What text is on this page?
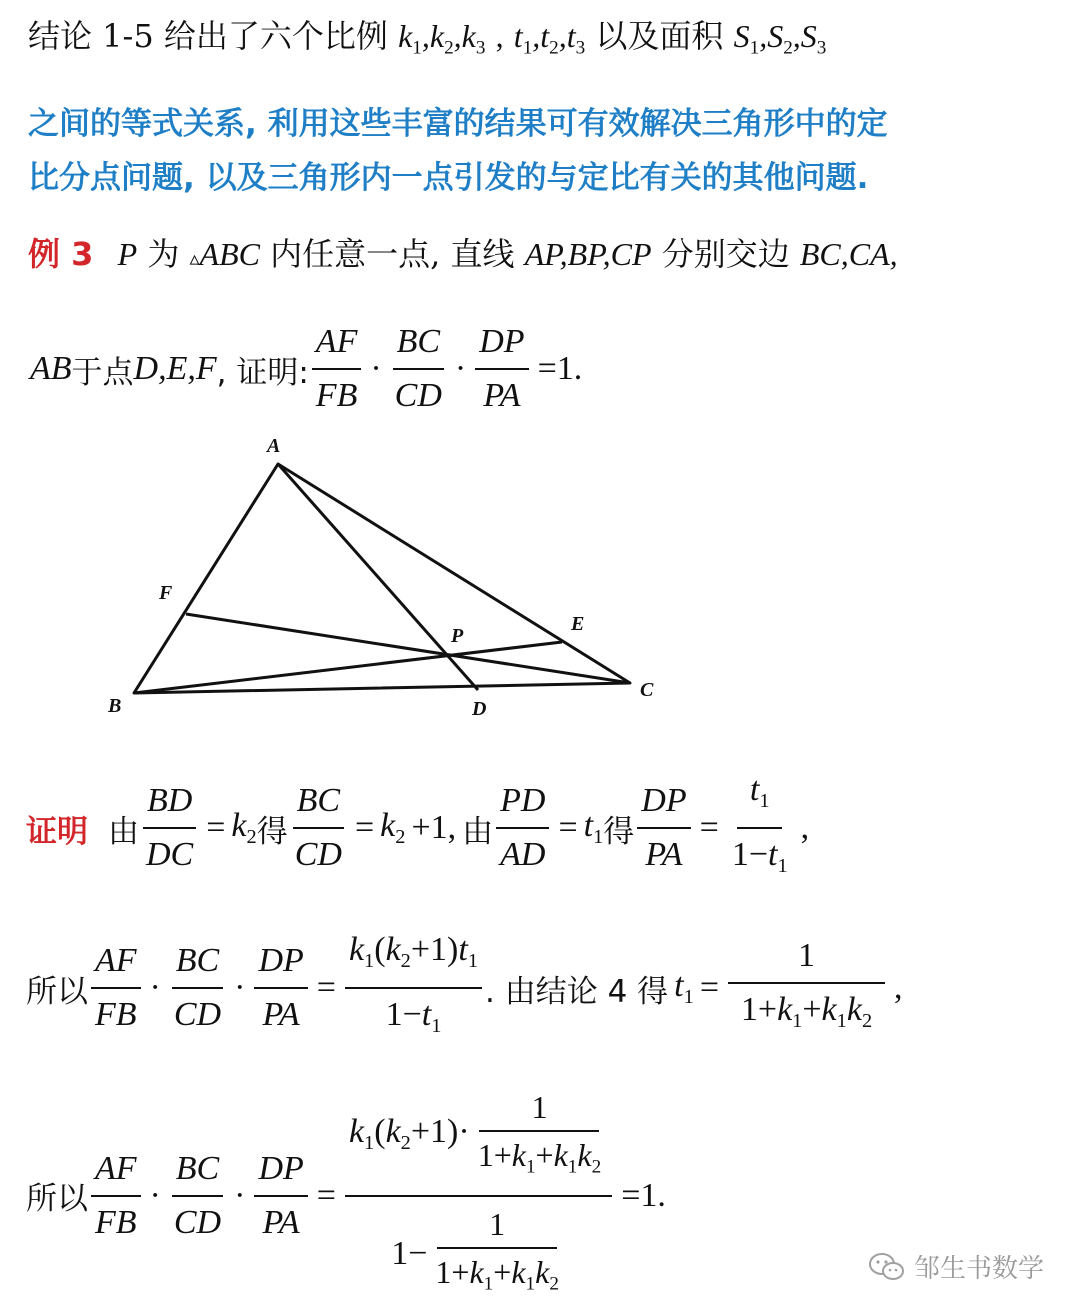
结论 1-5 给出了六个比例 $k_1,k_2,k_3$ , $t_1,t_2,t_3$ 以及面积 $S_1,S_2,S_3$
之间的等式关系, 利用这些丰富的结果可有效解决三角形中的定
比分点问题, 以及三角形内一点引发的与定比有关的其他问题.
例 3 P 为 ▵ABC 内任意一点, 直线 AP,BP,CP 分别交边 BC,CA,
AB 于点 D,E,F , 证明: $\frac{AF}{FB} \cdot \frac{BC}{CD} \cdot \frac{DP}{PA} =1$.
A
B
C
D
E
F
P
证明 由 $\frac{BD}{DC} = k_2$ 得 $\frac{BC}{CD} = k_2 +1$, 由 $\frac{PD}{AD} = t_1$ 得 $\frac{DP}{PA} = \frac{t_1}{1-t_1}$ ,
所以 $\frac{AF}{FB} \cdot \frac{BC}{CD} \cdot \frac{DP}{PA} = \frac{k_1(k_2+1)t_1}{1-t_1}$ . 由结论 4 得 $t_1 = \frac{1}{1+k_1+k_1k_2}$ ,
所以 $\frac{AF}{FB} \cdot \frac{BC}{CD} \cdot \frac{DP}{PA} = \frac{k_1(k_2+1)\cdot \frac{1}{1+k_1+k_1k_2}}{1- \frac{1}{1+k_1+k_1k_2}} =1$.
邹生书数学
